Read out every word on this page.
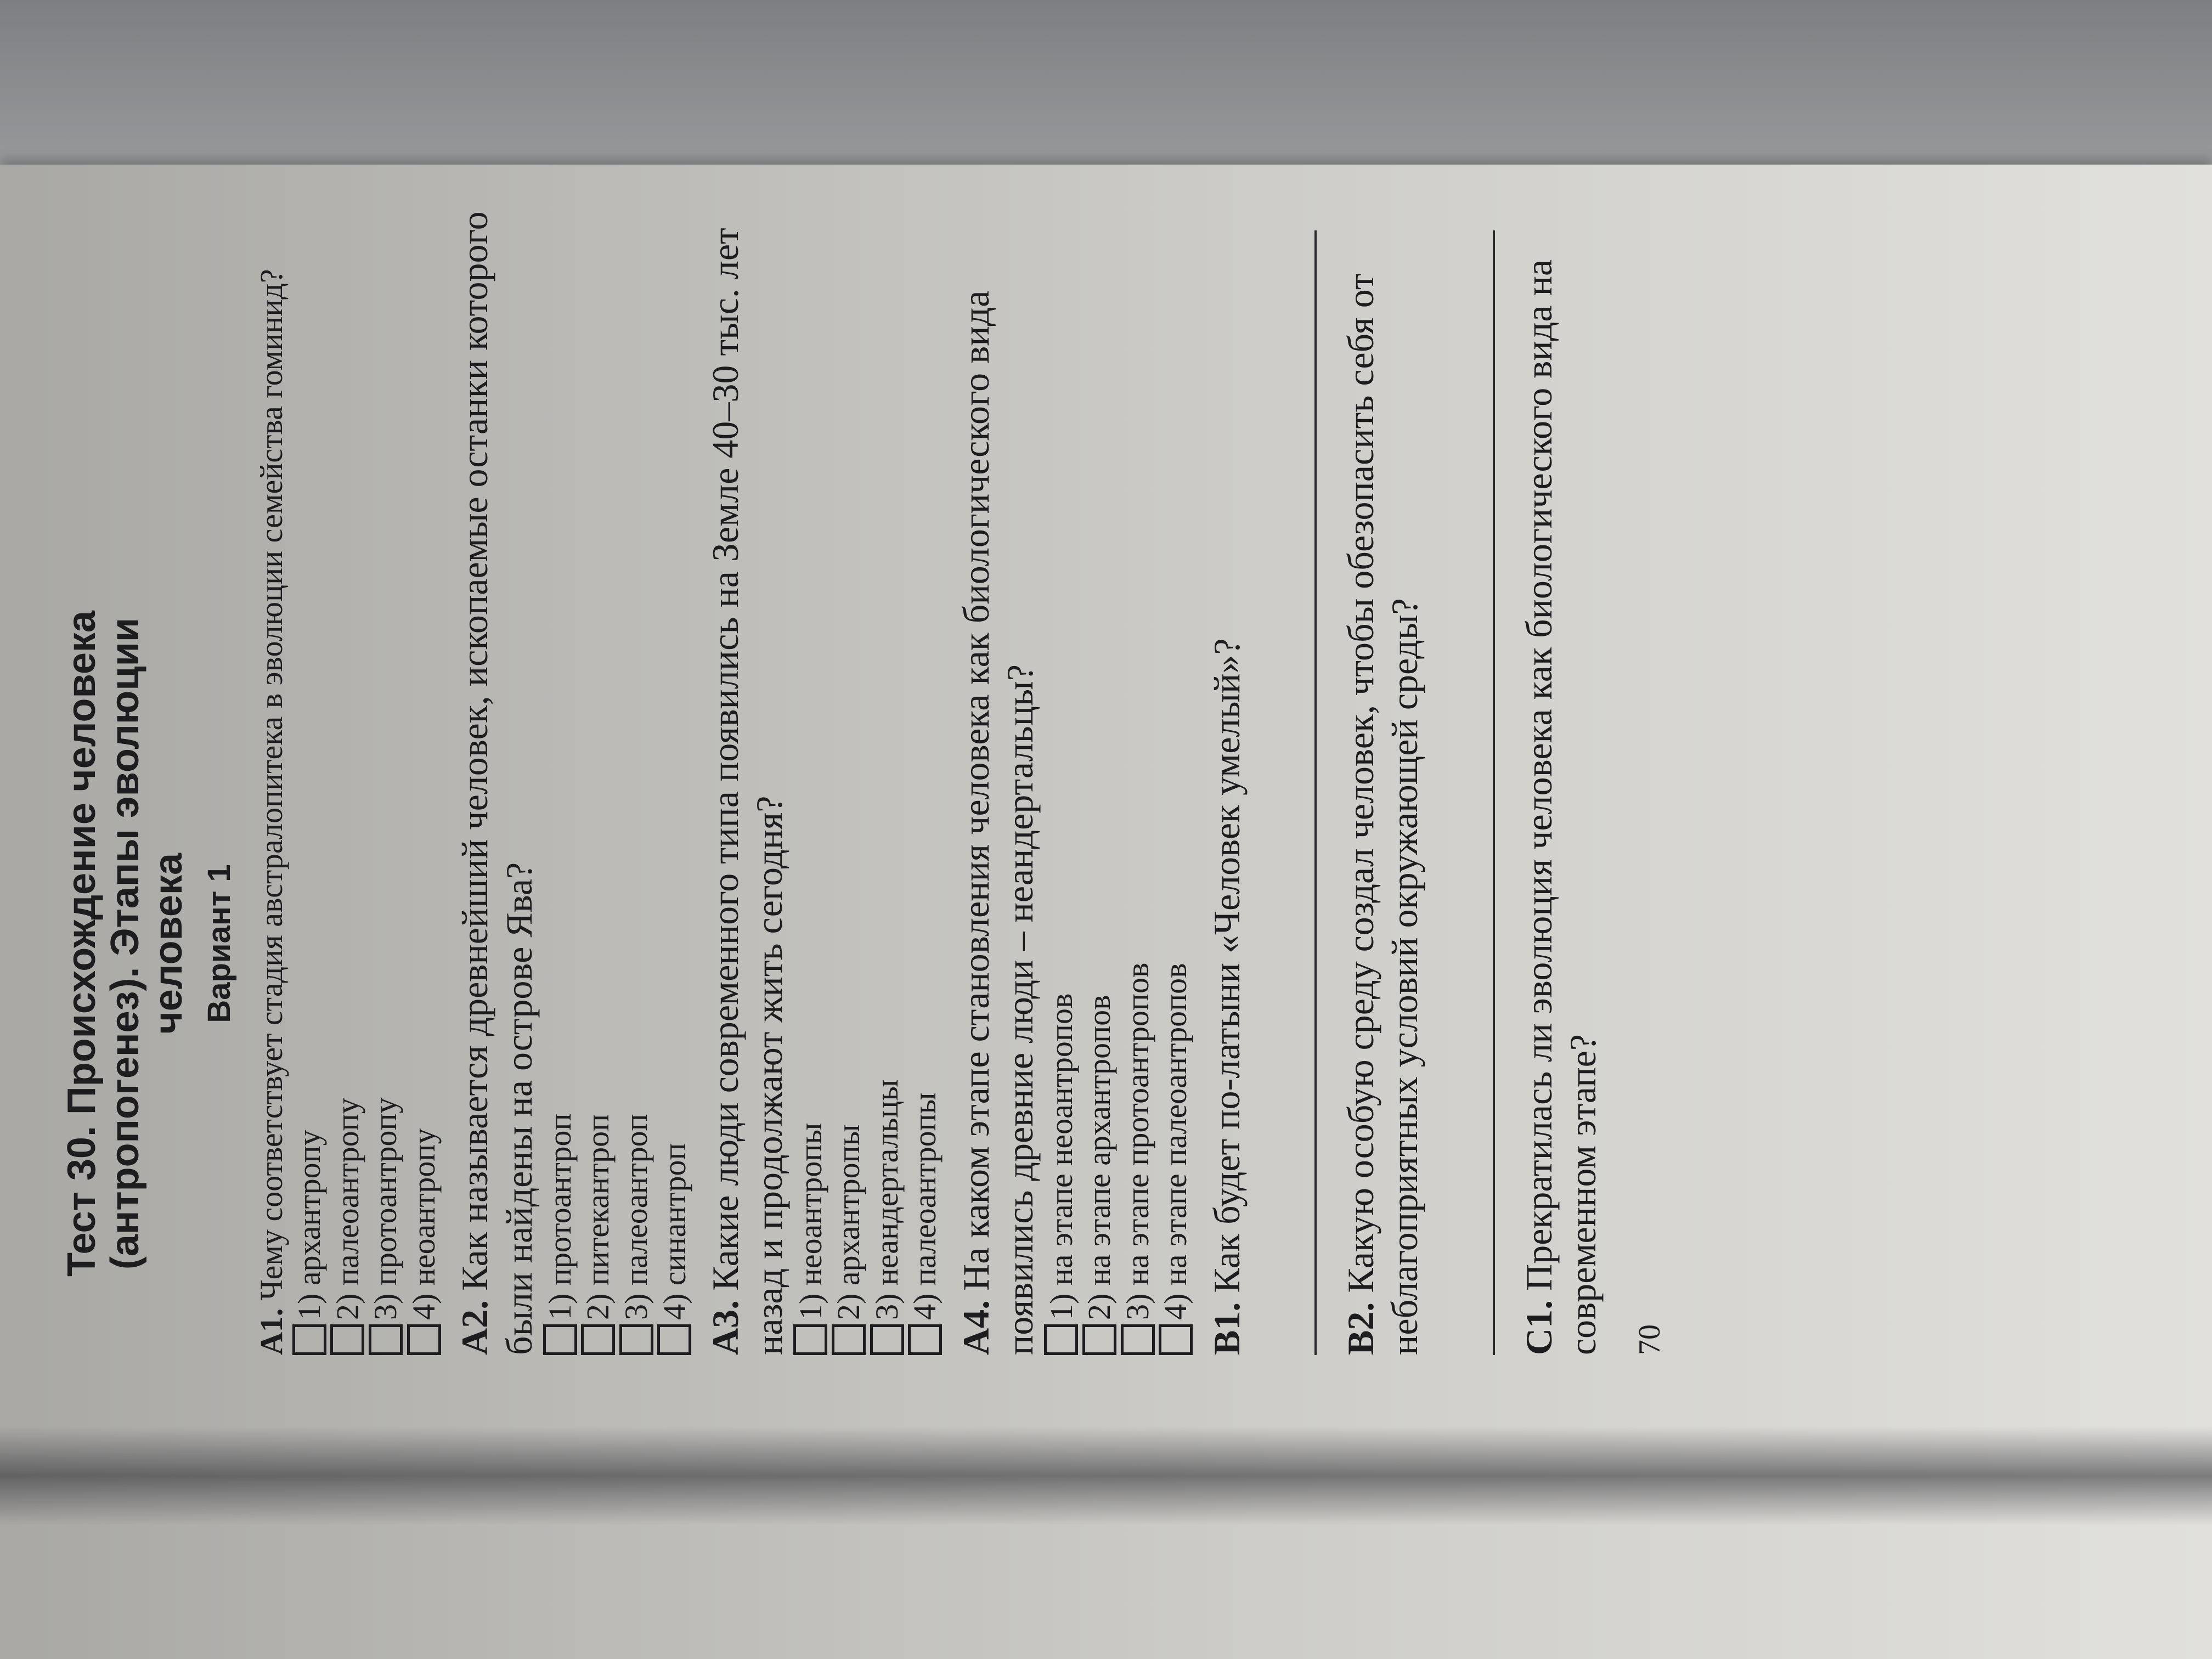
Тест 30. Происхождение человека (антропогенез). Этапы эволюции человека Вариант 1
А1. Чему соответствует стадия австралопитека в эволюции семейства гоминид? 1) архантропу 2) палеоантропу 3) протоантропу 4) неоантропу
А2. Как называется древнейший человек, ископаемые останки которого были найдены на острове Ява? 1) протоантроп 2) питекантроп 3) палеоантроп 4) синантроп
А3. Какие люди современного типа появились на Земле 40–30 тыс. лет назад и продолжают жить сегодня? 1) неоантропы 2) архантропы 3) неандертальцы 4) палеоантропы
А4. На каком этапе становления человека как биологического вида появились древние люди – неандертальцы? 1) на этапе неоантропов 2) на этапе архантропов 3) на этапе протоантропов 4) на этапе палеоантропов
В1. Как будет по-латыни «Человек умелый»?
В2. Какую особую среду создал человек, чтобы обезопасить себя от неблагоприятных условий окружающей среды? С1. Прекратилась ли эволюция человека как биологического вида на современном этапе? 70
